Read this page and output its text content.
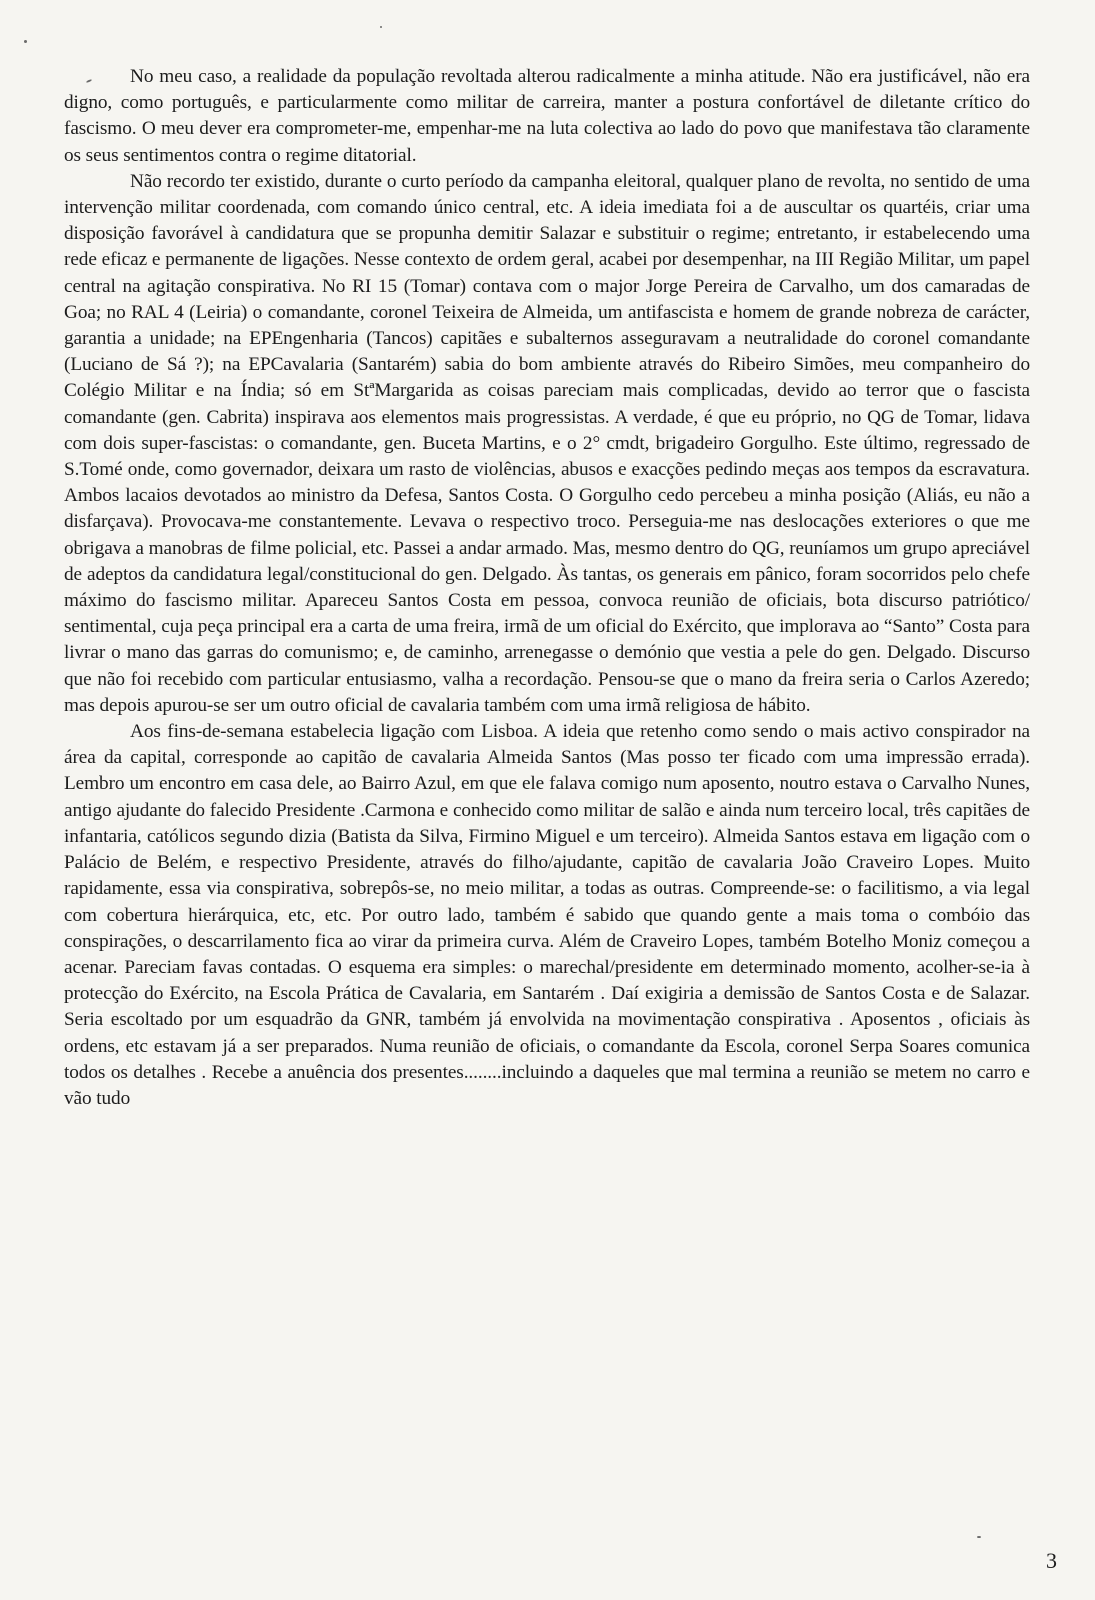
No meu caso, a realidade da população revoltada alterou radicalmente a minha atitude. Não era justificável, não era digno, como português, e particularmente como militar de carreira, manter a postura confortável de diletante crítico do fascismo. O meu dever era comprometer-me, empenhar-me na luta colectiva ao lado do povo que manifestava tão claramente os seus sentimentos contra o regime ditatorial.

Não recordo ter existido, durante o curto período da campanha eleitoral, qualquer plano de revolta, no sentido de uma intervenção militar coordenada, com comando único central, etc. A ideia imediata foi a de auscultar os quartéis, criar uma disposição favorável à candidatura que se propunha demitir Salazar e substituir o regime; entretanto, ir estabelecendo uma rede eficaz e permanente de ligações. Nesse contexto de ordem geral, acabei por desempenhar, na III Região Militar, um papel central na agitação conspirativa. No RI 15 (Tomar) contava com o major Jorge Pereira de Carvalho, um dos camaradas de Goa; no RAL 4 (Leiria) o comandante, coronel Teixeira de Almeida, um antifascista e homem de grande nobreza de carácter, garantia a unidade; na EPEngenharia (Tancos) capitães e subalternos asseguravam a neutralidade do coronel comandante (Luciano de Sá ?); na EPCavalaria (Santarém) sabia do bom ambiente através do Ribeiro Simões, meu companheiro do Colégio Militar e na Índia; só em StªMargarida as coisas pareciam mais complicadas, devido ao terror que o fascista comandante (gen. Cabrita) inspirava aos elementos mais progressistas. A verdade, é que eu próprio, no QG de Tomar, lidava com dois super-fascistas: o comandante, gen. Buceta Martins, e o 2° cmdt, brigadeiro Gorgulho. Este último, regressado de S.Tomé onde, como governador, deixara um rasto de violências, abusos e exacções pedindo meças aos tempos da escravatura. Ambos lacaios devotados ao ministro da Defesa, Santos Costa. O Gorgulho cedo percebeu a minha posição (Aliás, eu não a disfarçava). Provocava-me constantemente. Levava o respectivo troco. Perseguia-me nas deslocações exteriores o que me obrigava a manobras de filme policial, etc. Passei a andar armado. Mas, mesmo dentro do QG, reuníamos um grupo apreciável de adeptos da candidatura legal/constitucional do gen. Delgado. Às tantas, os generais em pânico, foram socorridos pelo chefe máximo do fascismo militar. Apareceu Santos Costa em pessoa, convoca reunião de oficiais, bota discurso patriótico/ sentimental, cuja peça principal era a carta de uma freira, irmã de um oficial do Exército, que implorava ao “Santo” Costa para livrar o mano das garras do comunismo; e, de caminho, arrenegasse o demónio que vestia a pele do gen. Delgado. Discurso que não foi recebido com particular entusiasmo, valha a recordação. Pensou-se que o mano da freira seria o Carlos Azeredo; mas depois apurou-se ser um outro oficial de cavalaria também com uma irmã religiosa de hábito.

Aos fins-de-semana estabelecia ligação com Lisboa. A ideia que retenho como sendo o mais activo conspirador na área da capital, corresponde ao capitão de cavalaria Almeida Santos (Mas posso ter ficado com uma impressão errada). Lembro um encontro em casa dele, ao Bairro Azul, em que ele falava comigo num aposento, noutro estava o Carvalho Nunes, antigo ajudante do falecido Presidente .Carmona e conhecido como militar de salão e ainda num terceiro local, três capitães de infantaria, católicos segundo dizia (Batista da Silva, Firmino Miguel e um terceiro). Almeida Santos estava em ligação com o Palácio de Belém, e respectivo Presidente, através do filho/ajudante, capitão de cavalaria João Craveiro Lopes. Muito rapidamente, essa via conspirativa, sobrepôs-se, no meio militar, a todas as outras. Compreende-se: o facilitismo, a via legal com cobertura hierárquica, etc, etc. Por outro lado, também é sabido que quando gente a mais toma o combóio das conspirações, o descarrilamento fica ao virar da primeira curva. Além de Craveiro Lopes, também Botelho Moniz começou a acenar. Pareciam favas contadas. O esquema era simples: o marechal/presidente em determinado momento, acolher-se-ia à protecção do Exército, na Escola Prática de Cavalaria, em Santarém . Daí exigiria a demissão de Santos Costa e de Salazar. Seria escoltado por um esquadrão da GNR, também já envolvida na movimentação conspirativa . Aposentos , oficiais às ordens, etc estavam já a ser preparados. Numa reunião de oficiais, o comandante da Escola, coronel Serpa Soares comunica todos os detalhes . Recebe a anuência dos presentes........incluindo a daqueles que mal termina a reunião se metem no carro e vão tudo

3
